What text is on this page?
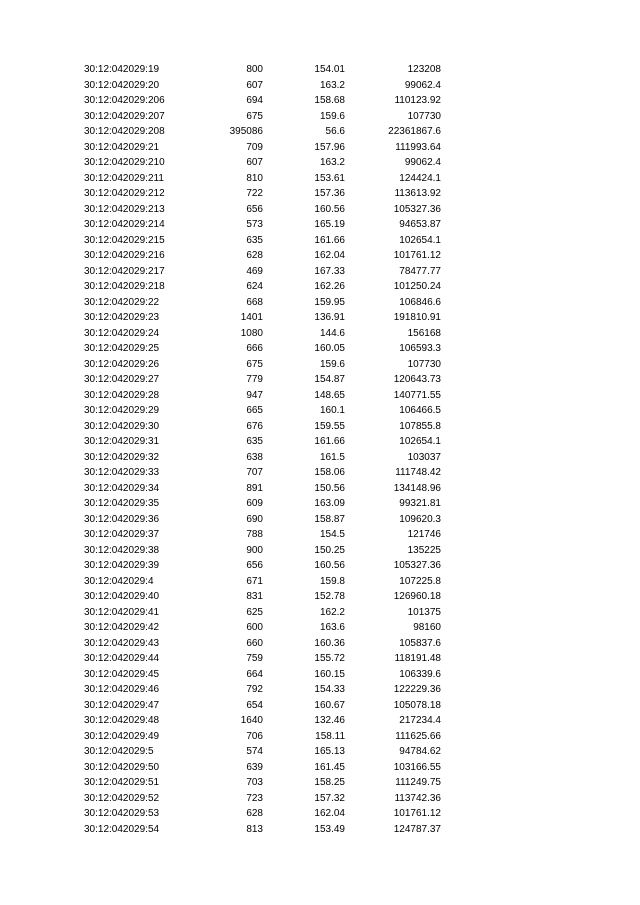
30:12:042029:19	800	154.01	123208
30:12:042029:20	607	163.2	99062.4
30:12:042029:206	694	158.68	110123.92
30:12:042029:207	675	159.6	107730
30:12:042029:208	395086	56.6	22361867.6
30:12:042029:21	709	157.96	111993.64
30:12:042029:210	607	163.2	99062.4
30:12:042029:211	810	153.61	124424.1
30:12:042029:212	722	157.36	113613.92
30:12:042029:213	656	160.56	105327.36
30:12:042029:214	573	165.19	94653.87
30:12:042029:215	635	161.66	102654.1
30:12:042029:216	628	162.04	101761.12
30:12:042029:217	469	167.33	78477.77
30:12:042029:218	624	162.26	101250.24
30:12:042029:22	668	159.95	106846.6
30:12:042029:23	1401	136.91	191810.91
30:12:042029:24	1080	144.6	156168
30:12:042029:25	666	160.05	106593.3
30:12:042029:26	675	159.6	107730
30:12:042029:27	779	154.87	120643.73
30:12:042029:28	947	148.65	140771.55
30:12:042029:29	665	160.1	106466.5
30:12:042029:30	676	159.55	107855.8
30:12:042029:31	635	161.66	102654.1
30:12:042029:32	638	161.5	103037
30:12:042029:33	707	158.06	111748.42
30:12:042029:34	891	150.56	134148.96
30:12:042029:35	609	163.09	99321.81
30:12:042029:36	690	158.87	109620.3
30:12:042029:37	788	154.5	121746
30:12:042029:38	900	150.25	135225
30:12:042029:39	656	160.56	105327.36
30:12:042029:4	671	159.8	107225.8
30:12:042029:40	831	152.78	126960.18
30:12:042029:41	625	162.2	101375
30:12:042029:42	600	163.6	98160
30:12:042029:43	660	160.36	105837.6
30:12:042029:44	759	155.72	118191.48
30:12:042029:45	664	160.15	106339.6
30:12:042029:46	792	154.33	122229.36
30:12:042029:47	654	160.67	105078.18
30:12:042029:48	1640	132.46	217234.4
30:12:042029:49	706	158.11	111625.66
30:12:042029:5	574	165.13	94784.62
30:12:042029:50	639	161.45	103166.55
30:12:042029:51	703	158.25	111249.75
30:12:042029:52	723	157.32	113742.36
30:12:042029:53	628	162.04	101761.12
30:12:042029:54	813	153.49	124787.37
